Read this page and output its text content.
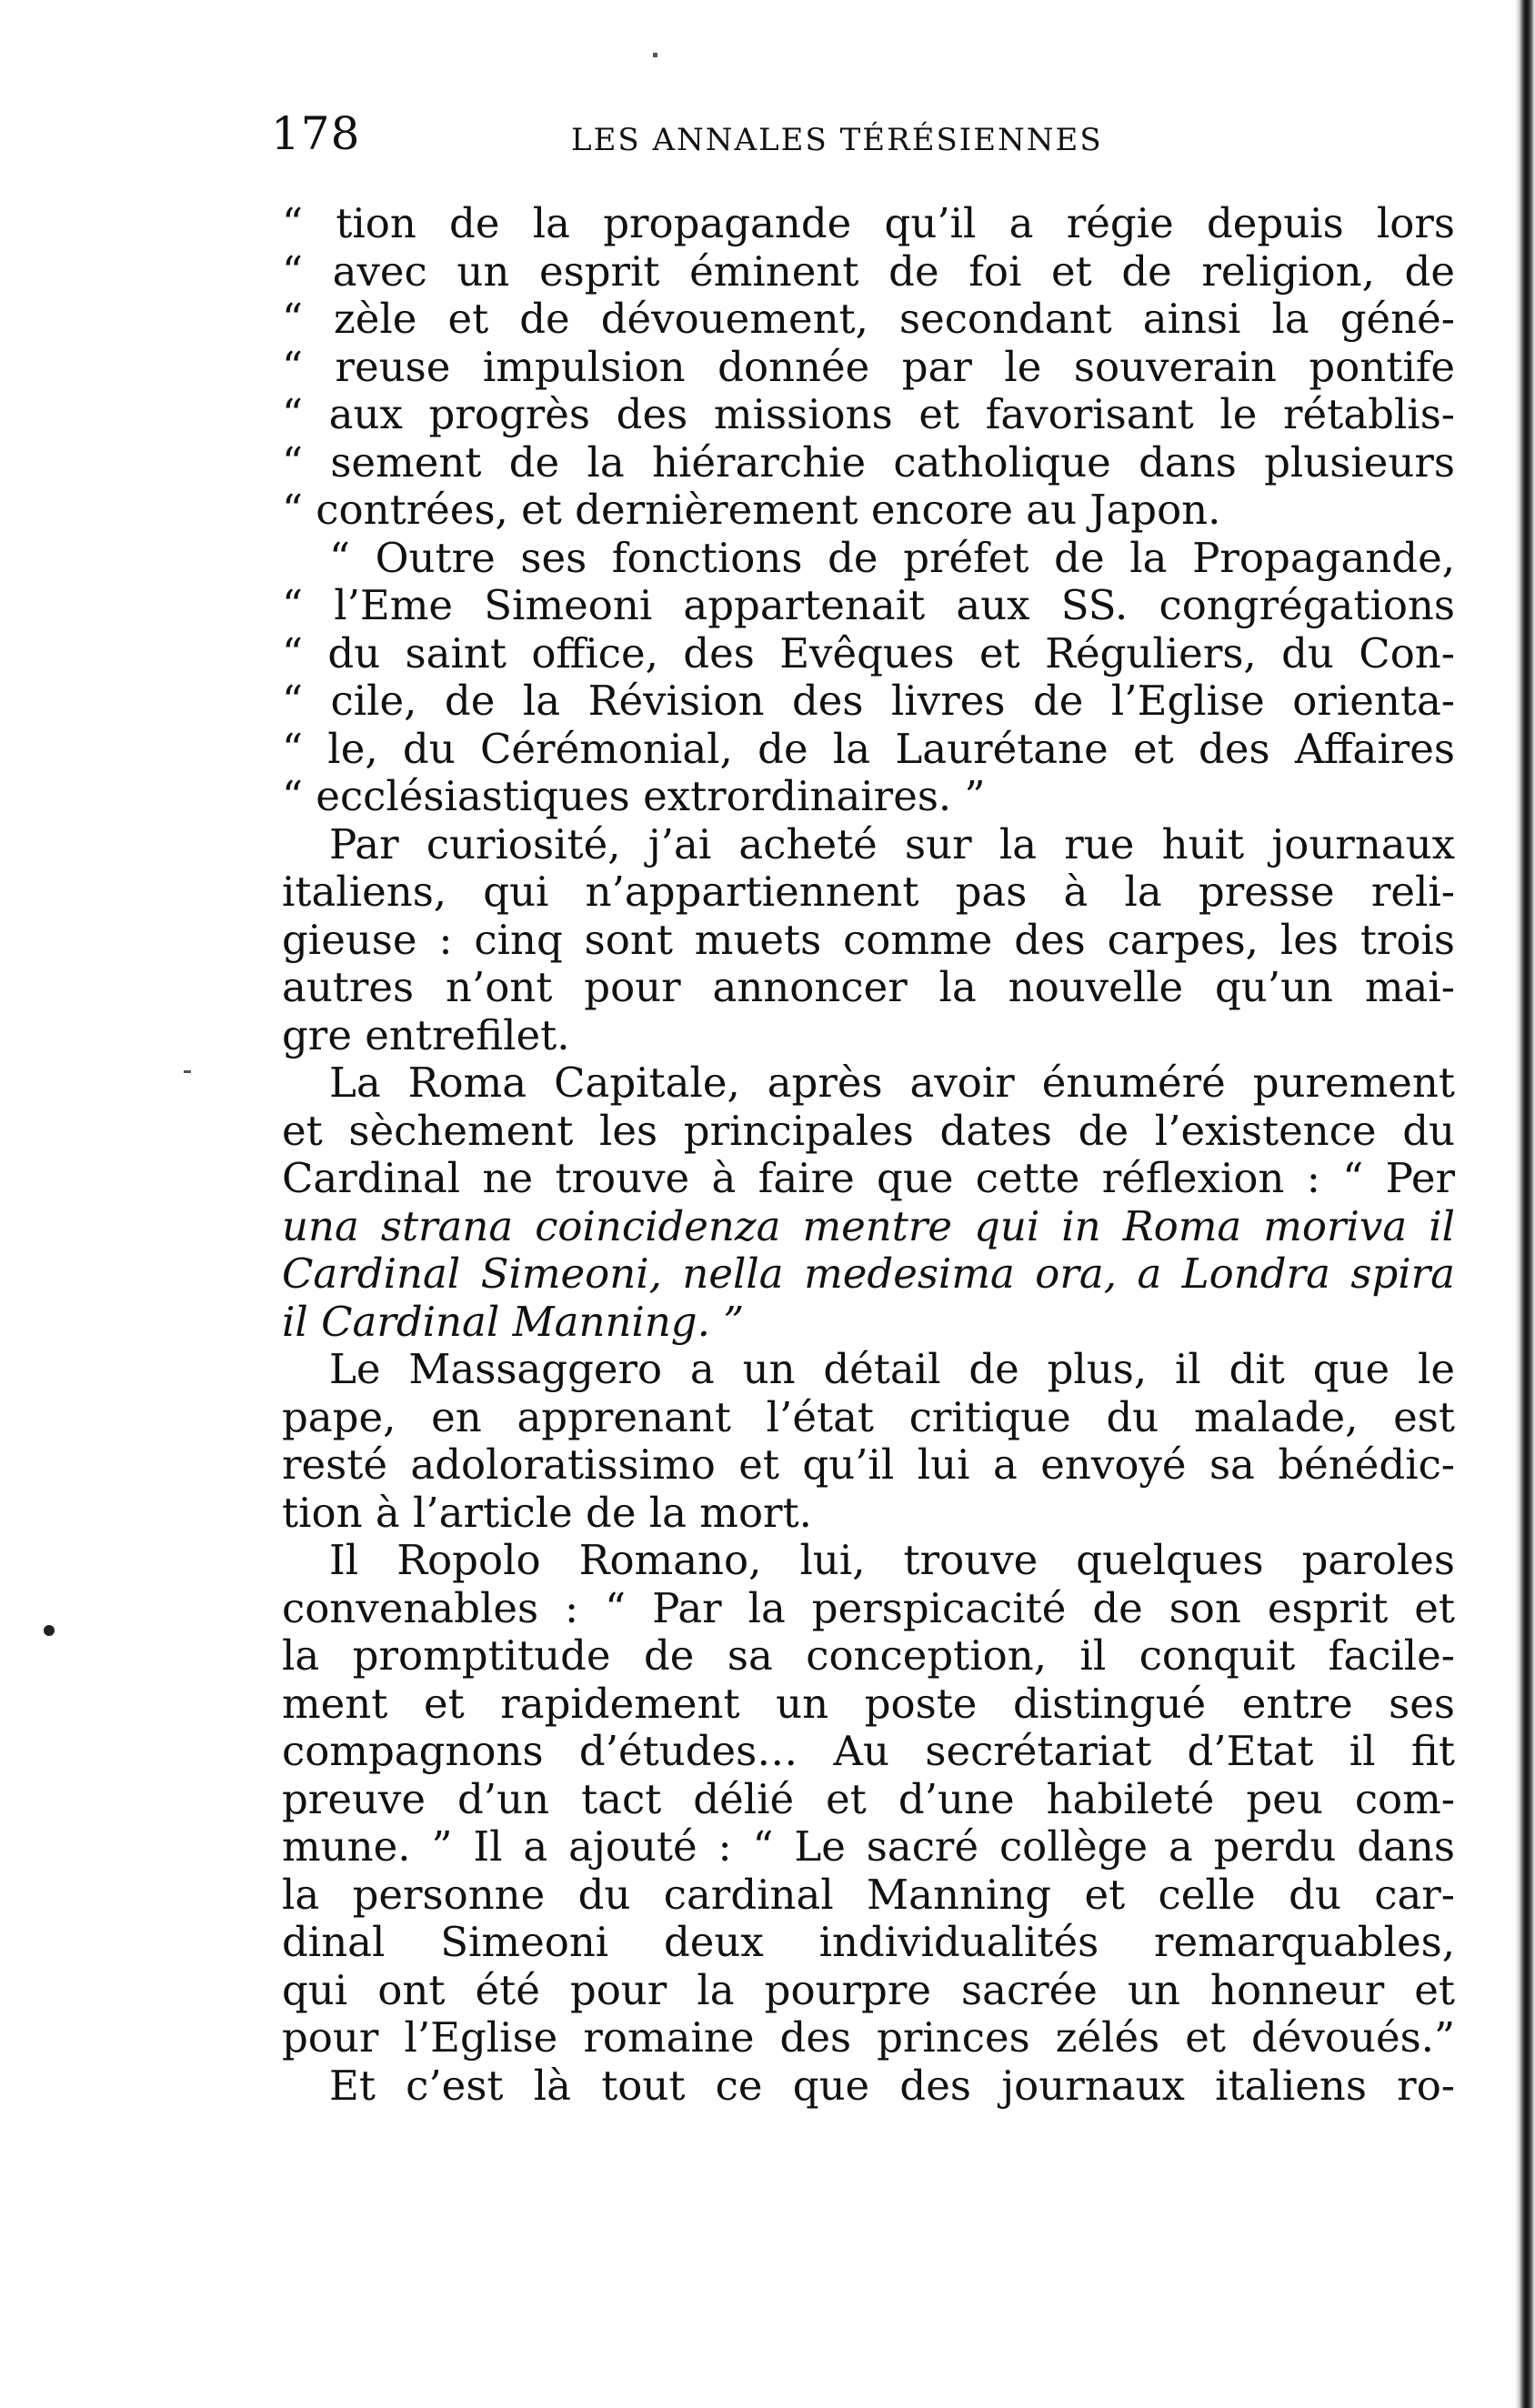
178	LES ANNALES TÉRÉSIENNES
“ tion de la propagande qu’il a régie depuis lors
“ avec un esprit éminent de foi et de religion, de
“ zèle et de dévouement, secondant ainsi la géné-
“ reuse impulsion donnée par le souverain pontife
“ aux progrès des missions et favorisant le rétablis-
“ sement de la hiérarchie catholique dans plusieurs
“ contrées, et dernièrement encore au Japon.
“ Outre ses fonctions de préfet de la Propagande,
“ l’Eme Simeoni appartenait aux SS. congrégations
“ du saint office, des Evêques et Réguliers, du Con-
“ cile, de la Révision des livres de l’Eglise orienta-
“ le, du Cérémonial, de la Laurétane et des Affaires
“ ecclésiastiques extrordinaires. ”
Par curiosité, j’ai acheté sur la rue huit journaux
italiens, qui n’appartiennent pas à la presse reli-
gieuse : cinq sont muets comme des carpes, les trois
autres n’ont pour annoncer la nouvelle qu’un mai-
gre entrefilet.
La Roma Capitale, après avoir énuméré purement
et sèchement les principales dates de l’existence du
Cardinal ne trouve à faire que cette réflexion : “ Per
una strana coincidenza mentre qui in Roma moriva il
Cardinal Simeoni, nella medesima ora, a Londra spira
il Cardinal Manning. ”
Le Massaggero a un détail de plus, il dit que le
pape, en apprenant l’état critique du malade, est
resté adoloratissimo et qu’il lui a envoyé sa bénédic-
tion à l’article de la mort.
Il Ropolo Romano, lui, trouve quelques paroles
convenables : “ Par la perspicacité de son esprit et
la promptitude de sa conception, il conquit facile-
ment et rapidement un poste distingué entre ses
compagnons d’études… Au secrétariat d’Etat il fit
preuve d’un tact délié et d’une habileté peu com-
mune. ” Il a ajouté : “ Le sacré collège a perdu dans
la personne du cardinal Manning et celle du car-
dinal Simeoni deux individualités remarquables,
qui ont été pour la pourpre sacrée un honneur et
pour l’Eglise romaine des princes zélés et dévoués.”
Et c’est là tout ce que des journaux italiens ro-
